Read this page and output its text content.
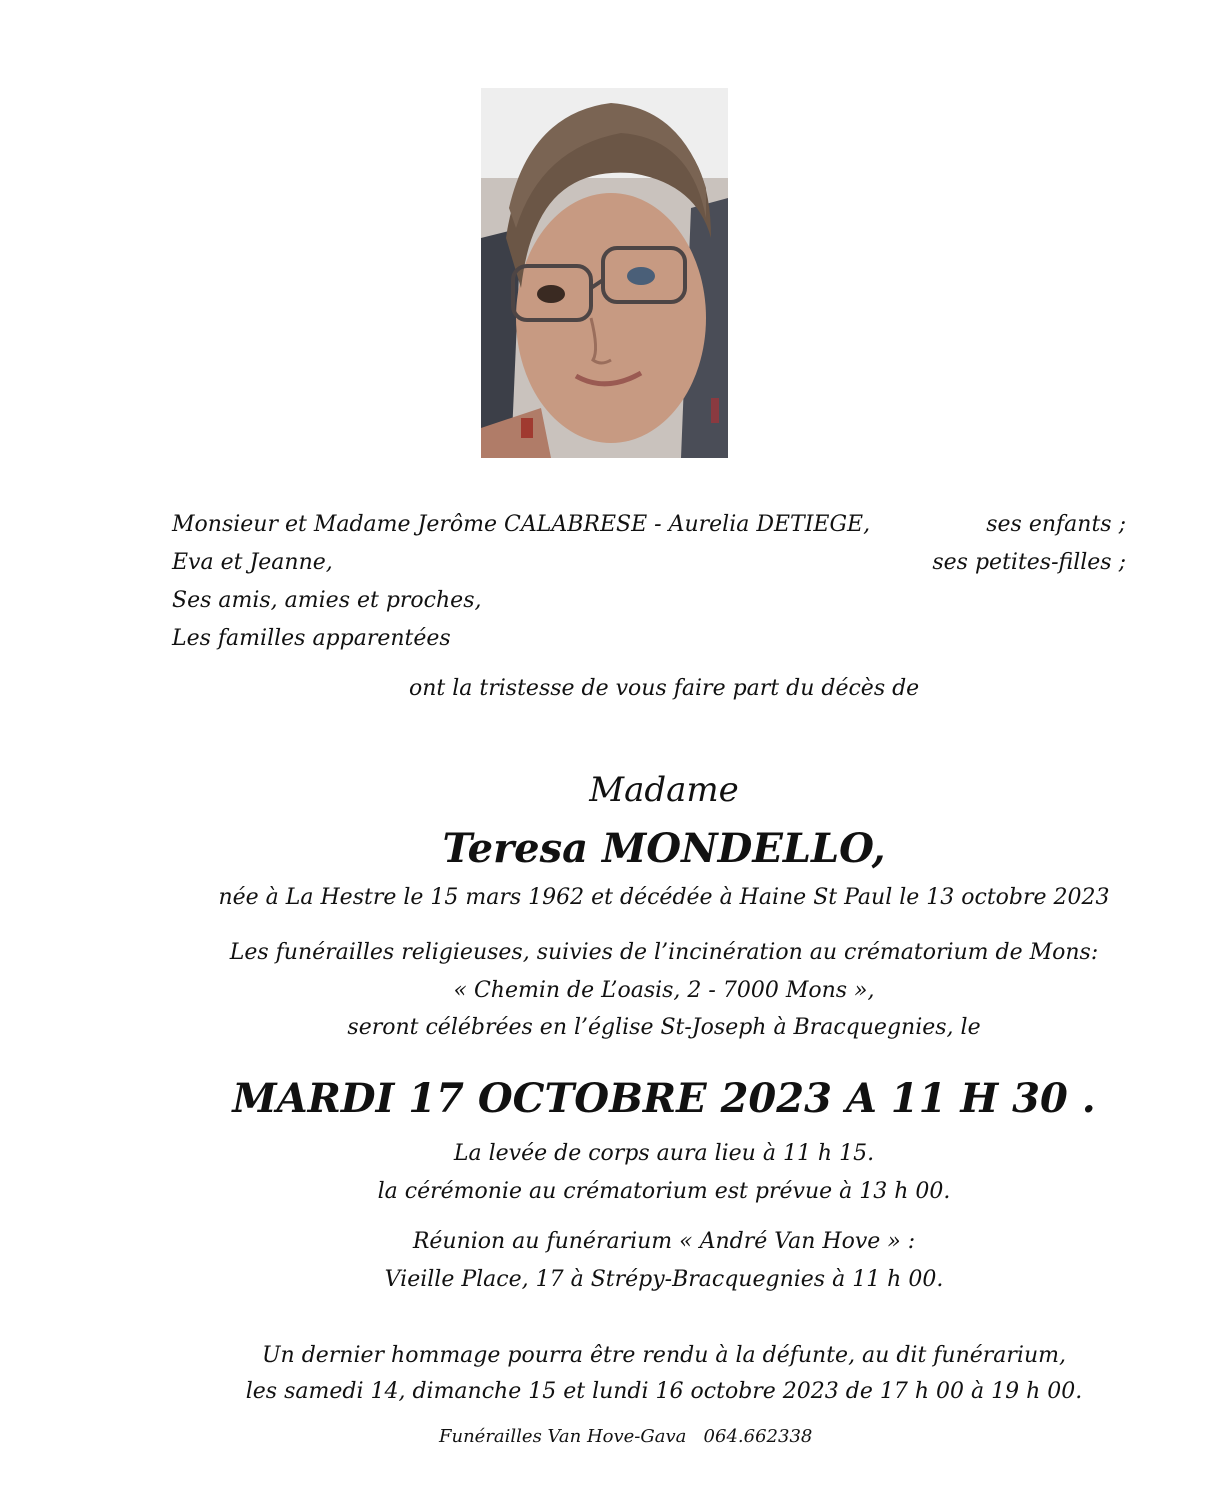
Monsieur et Madame Jerôme CALABRESE - Aurelia DETIEGE,	ses enfants ;
Eva et Jeanne,	ses petites-filles ;
Ses amis, amies et proches,
Les familles apparentées
ont la tristesse de vous faire part du décès de
Madame
Teresa MONDELLO,
née à La Hestre le 15 mars 1962 et décédée à Haine St Paul le 13 octobre 2023
Les funérailles religieuses, suivies de l’incinération au crématorium de Mons:
« Chemin de L’oasis, 2 - 7000 Mons »,
seront célébrées en l’église St-Joseph à Bracquegnies, le
MARDI 17 OCTOBRE 2023 A 11 H 30 .
La levée de corps aura lieu à 11 h 15.
la cérémonie au crématorium est prévue à 13 h 00.
Réunion au funérarium « André Van Hove » :
Vieille Place, 17 à Strépy-Bracquegnies à 11 h 00.
Un dernier hommage pourra être rendu à la défunte, au dit funérarium,
les samedi 14, dimanche 15 et lundi 16 octobre 2023 de 17 h 00 à 19 h 00.
Funérailles Van Hove-Gava   064.662338
